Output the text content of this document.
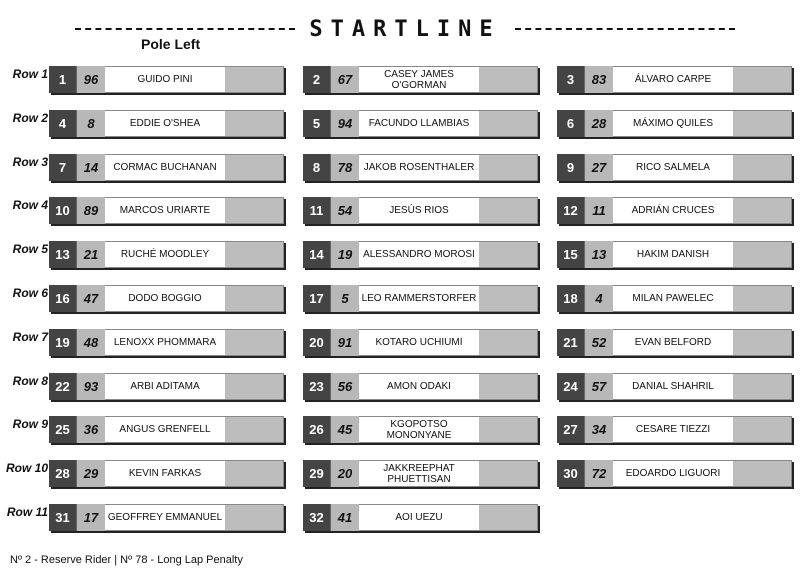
STARTLINE
Pole Left
Row 1 1	96	GUIDO PINI	2	67	CASEY JAMES O'GORMAN	3	83	ÁLVARO CARPE
Row 2 4	8	EDDIE O'SHEA	5	94	FACUNDO LLAMBIAS	6	28	MÁXIMO QUILES
Row 3 7	14	CORMAC BUCHANAN	8	78	JAKOB ROSENTHALER	9	27	RICO SALMELA
Row 4 10	89	MARCOS URIARTE	11	54	JESÚS RIOS	12	11	ADRIÁN CRUCES
Row 5 13	21	RUCHÉ MOODLEY	14	19	ALESSANDRO MOROSI	15	13	HAKIM DANISH
Row 6 16	47	DODO BOGGIO	17	5	LEO RAMMERSTORFER	18	4	MILAN PAWELEC
Row 7 19	48	LENOXX PHOMMARA	20	91	KOTARO UCHIUMI	21	52	EVAN BELFORD
Row 8 22	93	ARBI ADITAMA	23	56	AMON ODAKI	24	57	DANIAL SHAHRIL
Row 9 25	36	ANGUS GRENFELL	26	45	KGOPOTSO MONONYANE	27	34	CESARE TIEZZI
Row 10 28	29	KEVIN FARKAS	29	20	JAKKREEPHAT PHUETTISAN	30	72	EDOARDO LIGUORI
Row 11 31	17 GEOFFREY EMMANUEL	32	41	AOI UEZU
Nº 2 - Reserve Rider | Nº 78 - Long Lap Penalty
